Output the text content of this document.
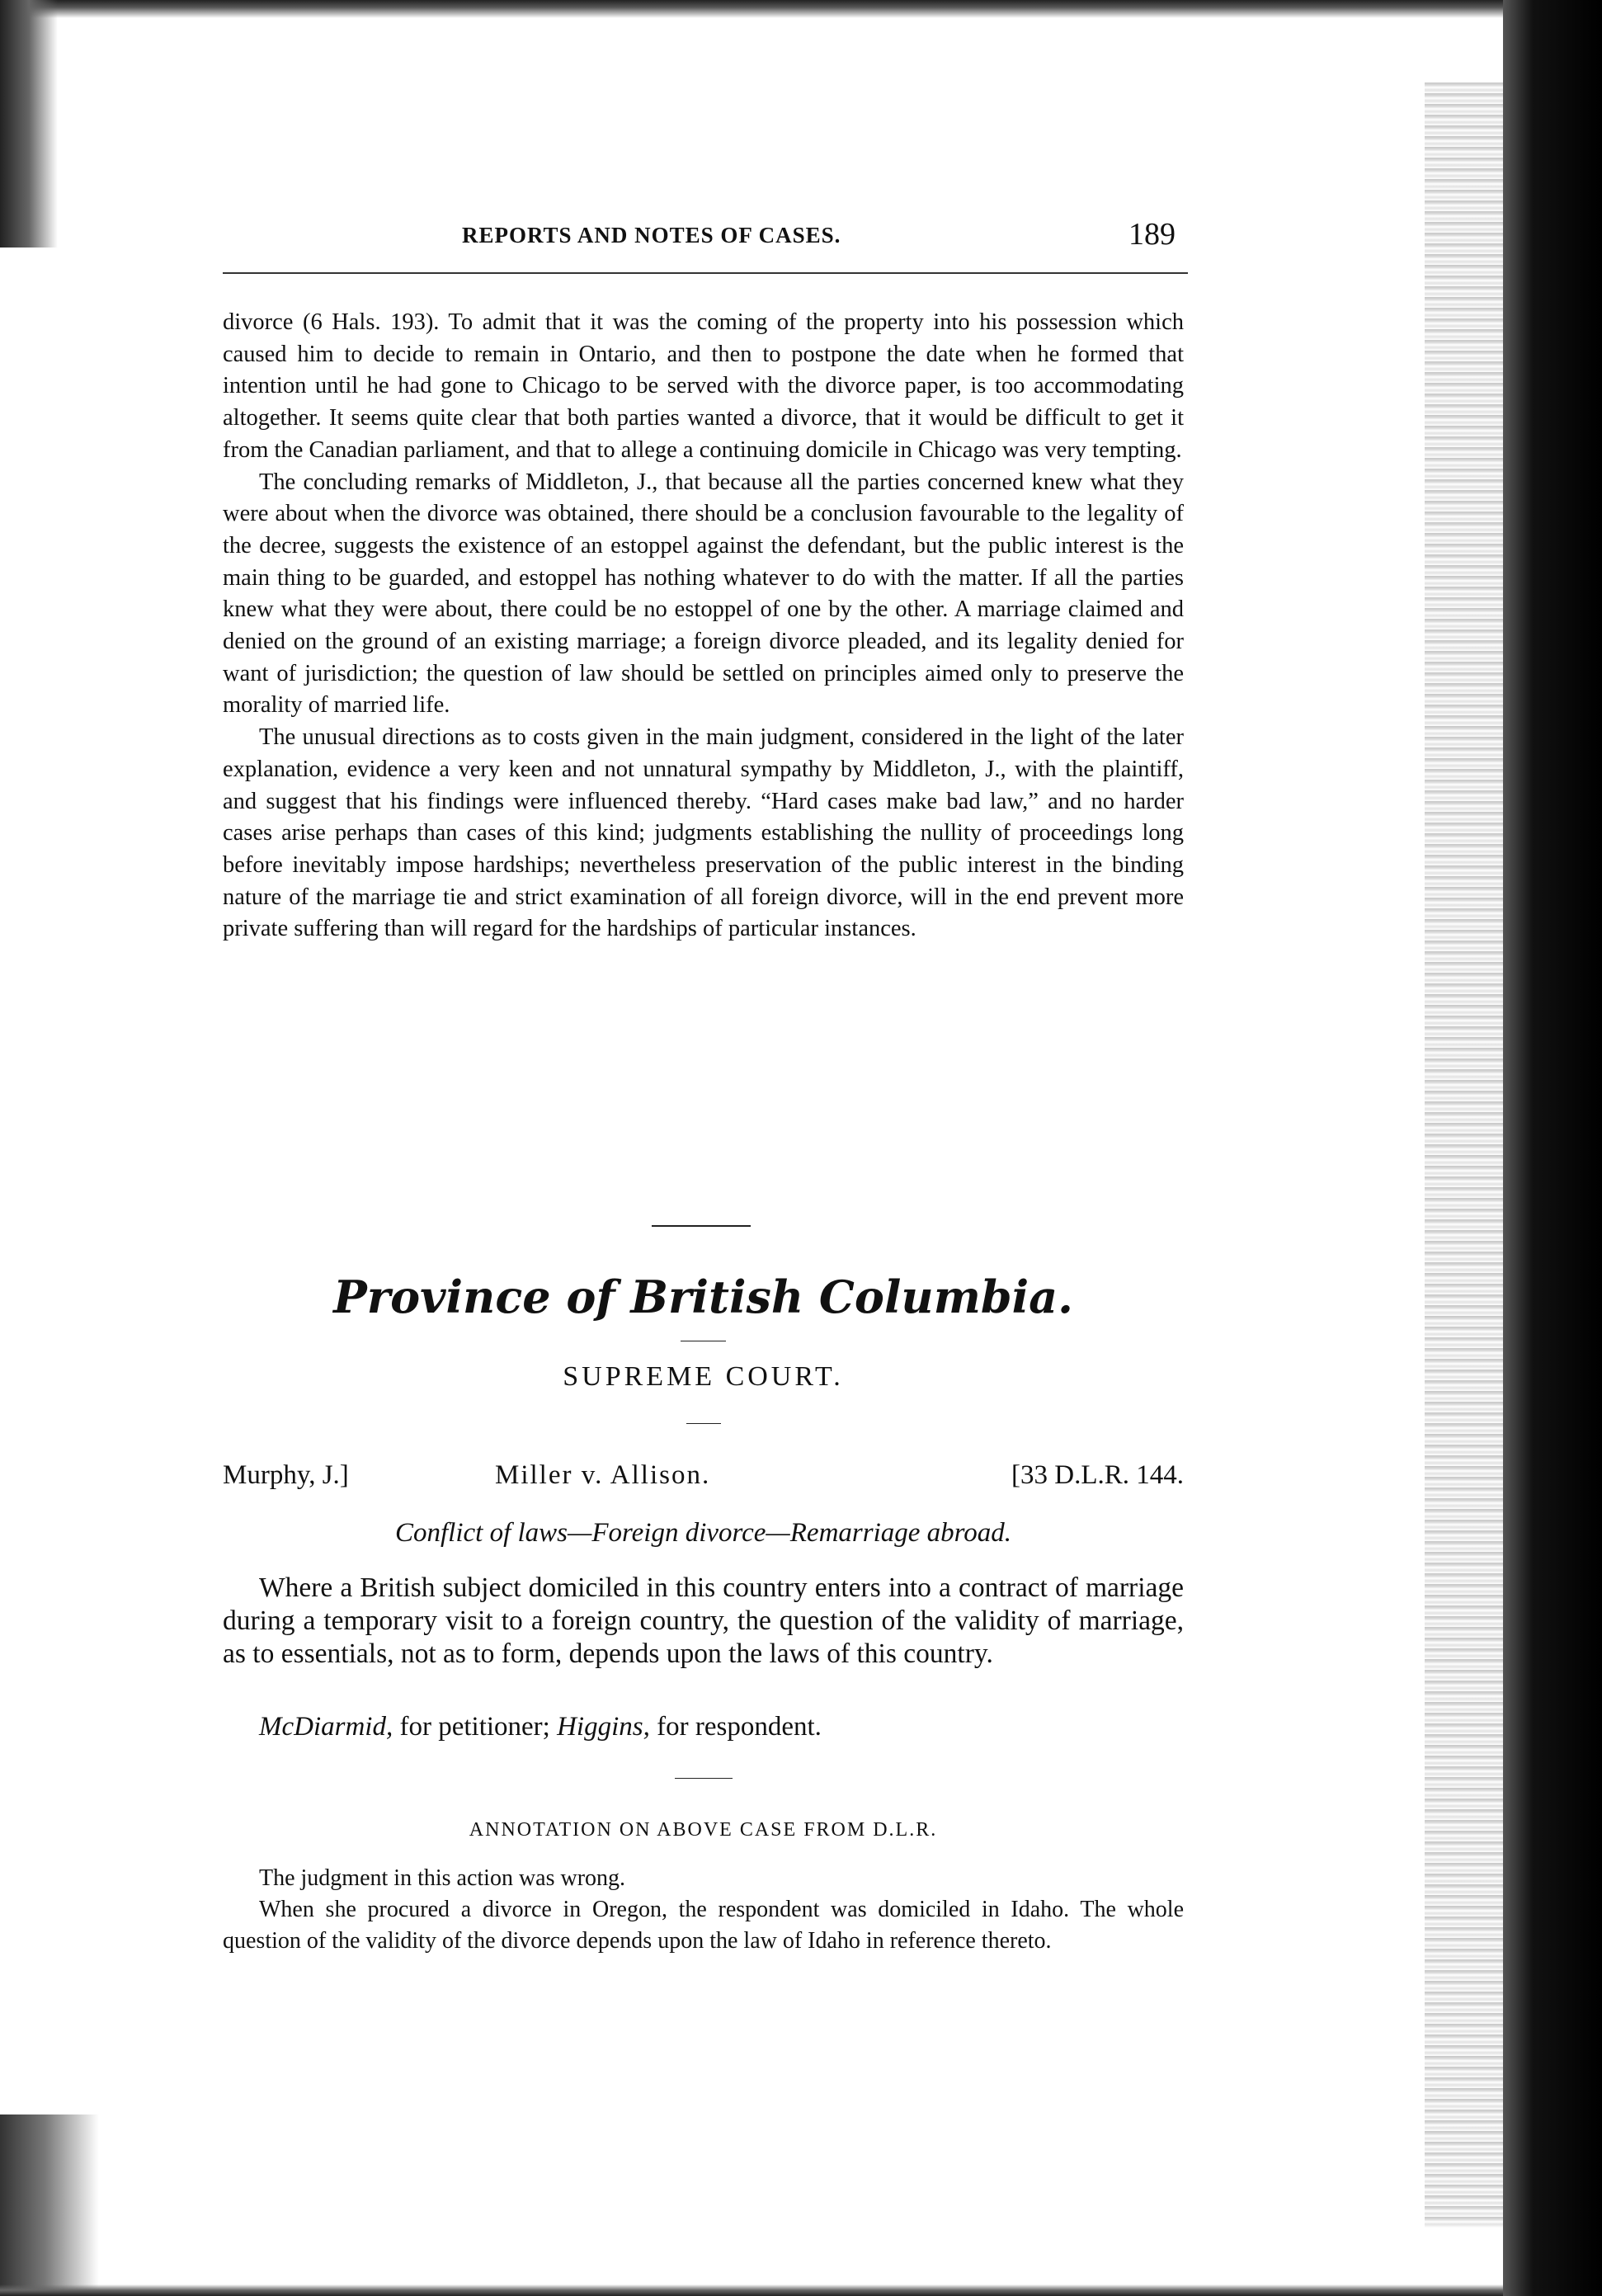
REPORTS AND NOTES OF CASES.	189

divorce (6 Hals. 193). To admit that it was the coming of the property into his possession which caused him to decide to remain in Ontario, and then to postpone the date when he formed that intention until he had gone to Chicago to be served with the divorce paper, is too accommodating altogether. It seems quite clear that both parties wanted a divorce, that it would be difficult to get it from the Canadian parliament, and that to allege a continuing domicile in Chicago was very tempting.

The concluding remarks of Middleton, J., that because all the parties concerned knew what they were about when the divorce was obtained, there should be a conclusion favourable to the legality of the decree, suggests the existence of an estoppel against the defendant, but the public interest is the main thing to be guarded, and estoppel has nothing whatever to do with the matter. If all the parties knew what they were about, there could be no estoppel of one by the other. A marriage claimed and denied on the ground of an existing marriage; a foreign divorce pleaded, and its legality denied for want of jurisdiction; the question of law should be settled on principles aimed only to preserve the morality of married life.

The unusual directions as to costs given in the main judgment, considered in the light of the later explanation, evidence a very keen and not unnatural sympathy by Middleton, J., with the plaintiff, and suggest that his findings were influenced thereby. “Hard cases make bad law,” and no harder cases arise perhaps than cases of this kind; judgments establishing the nullity of proceedings long before inevitably impose hardships; nevertheless preservation of the public interest in the binding nature of the marriage tie and strict examination of all foreign divorce, will in the end prevent more private suffering than will regard for the hardships of particular instances.

Province of British Columbia.
SUPREME COURT.
Murphy, J.]	Miller v. Allison.	[33 D.L.R. 144.
Conflict of laws—Foreign divorce—Remarriage abroad.

Where a British subject domiciled in this country enters into a contract of marriage during a temporary visit to a foreign country, the question of the validity of marriage, as to essentials, not as to form, depends upon the laws of this country.

McDiarmid, for petitioner; Higgins, for respondent.
ANNOTATION ON ABOVE CASE FROM D.L.R.

The judgment in this action was wrong.

When she procured a divorce in Oregon, the respondent was domiciled in Idaho. The whole question of the validity of the divorce depends upon the law of Idaho in reference thereto.
